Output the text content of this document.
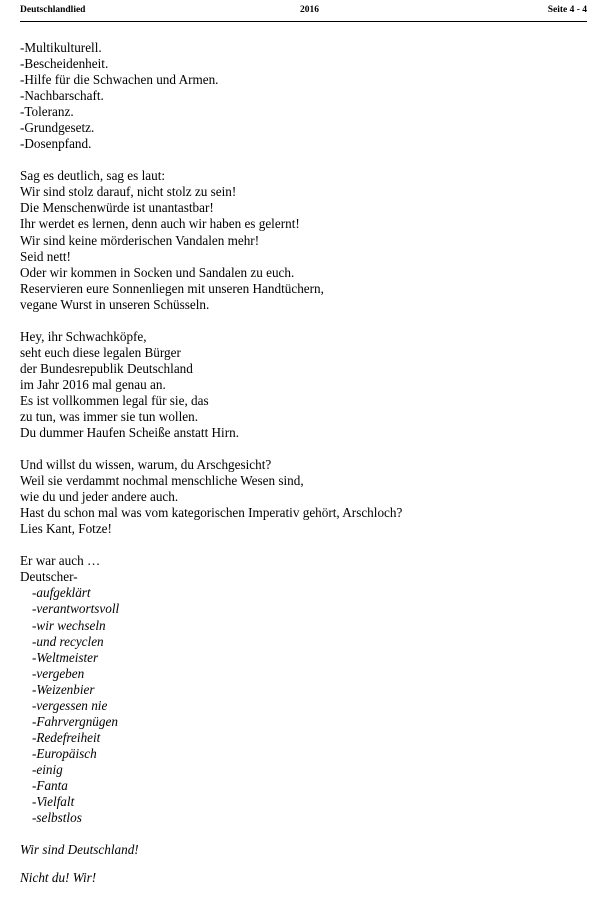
Deutschlandlied	2016	Seite 4 - 4
-Multikulturell.
-Bescheidenheit.
-Hilfe für die Schwachen und Armen.
-Nachbarschaft.
-Toleranz.
-Grundgesetz.
-Dosenpfand.
Sag es deutlich, sag es laut:
Wir sind stolz darauf, nicht stolz zu sein!
Die Menschenwürde ist unantastbar!
Ihr werdet es lernen, denn auch wir haben es gelernt!
Wir sind keine mörderischen Vandalen mehr!
Seid nett!
Oder wir kommen in Socken und Sandalen zu euch.
Reservieren eure Sonnenliegen mit unseren Handtüchern,
vegane Wurst in unseren Schüsseln.
Hey, ihr Schwachköpfe,
seht euch diese legalen Bürger
der Bundesrepublik Deutschland
im Jahr 2016 mal genau an.
Es ist vollkommen legal für sie, das
zu tun, was immer sie tun wollen.
Du dummer Haufen Scheiße anstatt Hirn.
Und willst du wissen, warum, du Arschgesicht?
Weil sie verdammt nochmal menschliche Wesen sind,
wie du und jeder andere auch.
Hast du schon mal was vom kategorischen Imperativ gehört, Arschloch?
Lies Kant, Fotze!
Er war auch …
Deutscher-
-aufgeklärt
-verantwortsvoll
-wir wechseln
-und recyclen
-Weltmeister
-vergeben
-Weizenbier
-vergessen nie
-Fahrvergnügen
-Redefreiheit
-Europäisch
-einig
-Fanta
-Vielfalt
-selbstlos
Wir sind Deutschland!
Nicht du! Wir!
